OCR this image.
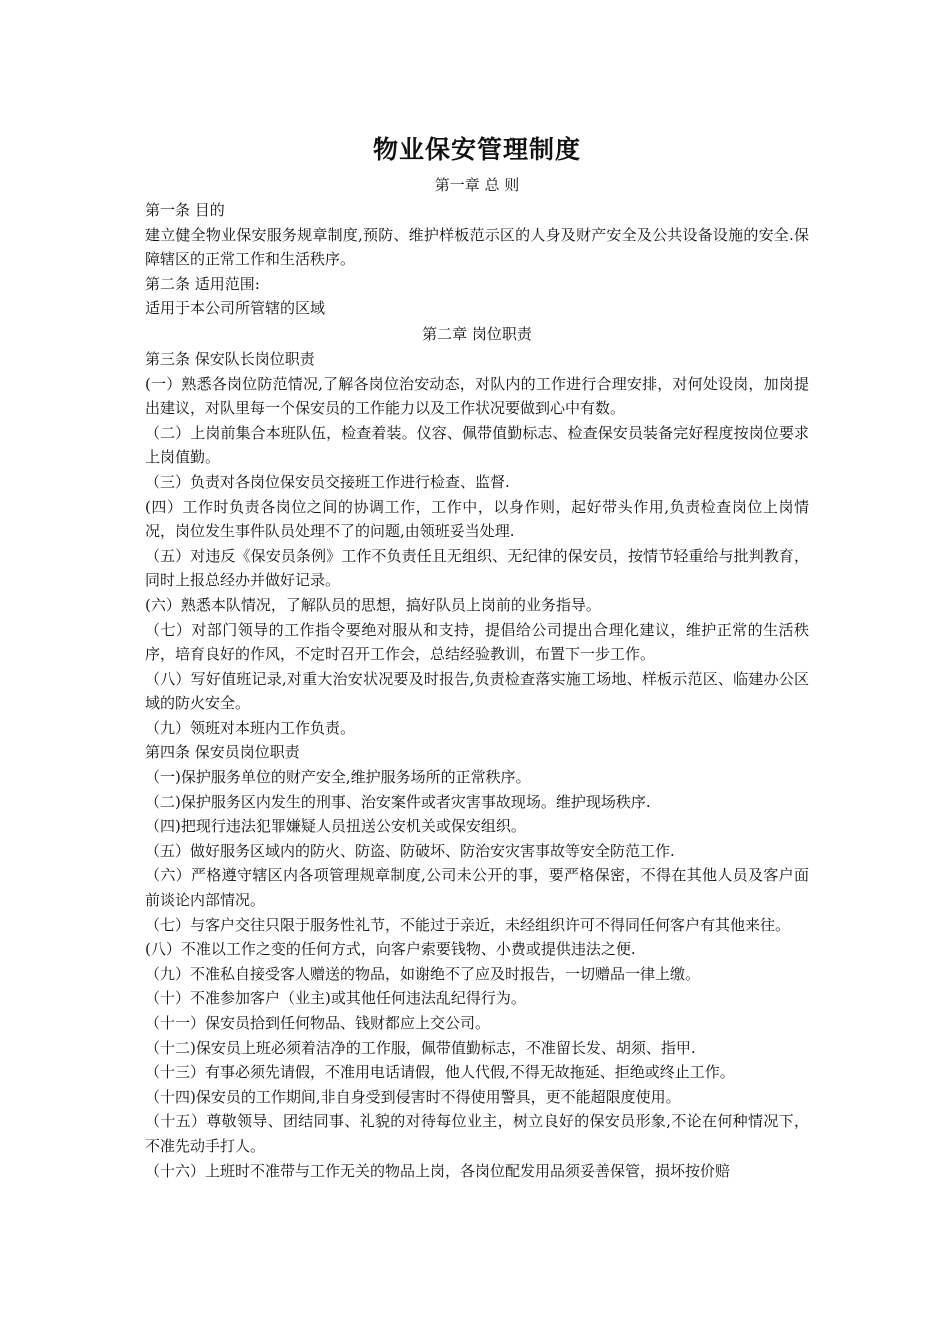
物业保安管理制度

第一章 总 则

第一条 目的

建立健全物业保安服务规章制度,预防、维护样板范示区的人身及财产安全及公共设备设施的安全.保障辖区的正常工作和生活秩序。

第二条 适用范围:

适用于本公司所管辖的区域

第二章 岗位职责

第三条 保安队长岗位职责

(一）熟悉各岗位防范情况,了解各岗位治安动态，对队内的工作进行合理安排，对何处设岗，加岗提出建议，对队里每一个保安员的工作能力以及工作状况要做到心中有数。

（二）上岗前集合本班队伍，检查着装。仪容、佩带值勤标志、检查保安员装备完好程度按岗位要求上岗值勤。

（三）负责对各岗位保安员交接班工作进行检查、监督.

(四）工作时负责各岗位之间的协调工作，工作中，以身作则，起好带头作用,负责检查岗位上岗情况，岗位发生事件队员处理不了的问题,由领班妥当处理.

（五）对违反《保安员条例》工作不负责任且无组织、无纪律的保安员，按情节轻重给与批判教育，同时上报总经办并做好记录。

(六）熟悉本队情况，了解队员的思想，搞好队员上岗前的业务指导。

（七）对部门领导的工作指令要绝对服从和支持，提倡给公司提出合理化建议，维护正常的生活秩序，培育良好的作风，不定时召开工作会，总结经验教训，布置下一步工作。

（八）写好值班记录,对重大治安状况要及时报告,负责检查落实施工场地、样板示范区、临建办公区域的防火安全。

（九）领班对本班内工作负责。

第四条 保安员岗位职责

（一)保护服务单位的财产安全,维护服务场所的正常秩序。

（二)保护服务区内发生的刑事、治安案件或者灾害事故现场。维护现场秩序.

（四)把现行违法犯罪嫌疑人员扭送公安机关或保安组织。

（五）做好服务区域内的防火、防盗、防破坏、防治安灾害事故等安全防范工作.

（六）严格遵守辖区内各项管理规章制度,公司未公开的事，要严格保密，不得在其他人员及客户面前谈论内部情况。

（七）与客户交往只限于服务性礼节，不能过于亲近，未经组织许可不得同任何客户有其他来往。

(八）不准以工作之变的任何方式，向客户索要钱物、小费或提供违法之便.

（九）不准私自接受客人赠送的物品，如谢绝不了应及时报告，一切赠品一律上缴。

（十）不准参加客户（业主)或其他任何违法乱纪得行为。

（十一）保安员拾到任何物品、钱财都应上交公司。

（十二)保安员上班必须着洁净的工作服，佩带值勤标志，不准留长发、胡须、指甲.

（十三）有事必须先请假，不准用电话请假，他人代假,不得无故拖延、拒绝或终止工作。

（十四)保安员的工作期间,非自身受到侵害时不得使用警具，更不能超限度使用。

（十五）尊敬领导、团结同事、礼貌的对待每位业主，树立良好的保安员形象,不论在何种情况下，不准先动手打人。

（十六）上班时不准带与工作无关的物品上岗，各岗位配发用品须妥善保管，损坏按价赔
